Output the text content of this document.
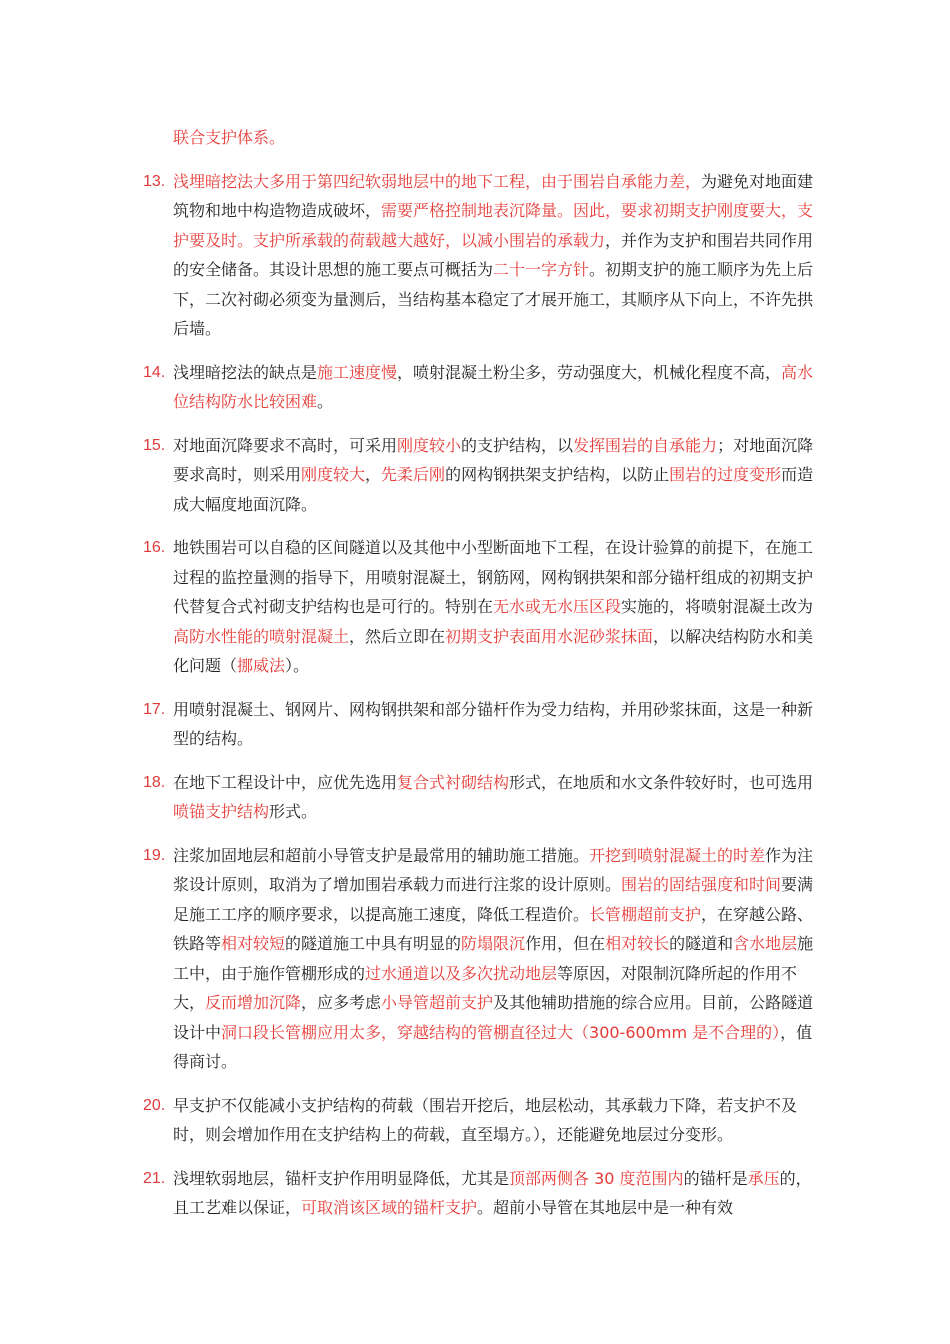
联合支护体系。
13. 浅埋暗挖法大多用于第四纪软弱地层中的地下工程，由于围岩自承能力差，为避免对地面建筑物和地中构造物造成破坏，需要严格控制地表沉降量。因此，要求初期支护刚度要大，支护要及时。支护所承载的荷载越大越好，以减小围岩的承载力，并作为支护和围岩共同作用的安全储备。其设计思想的施工要点可概括为二十一字方针。初期支护的施工顺序为先上后下，二次衬砌必须变为量测后，当结构基本稳定了才展开施工，其顺序从下向上，不许先拱后墙。
14. 浅埋暗挖法的缺点是施工速度慢，喷射混凝土粉尘多，劳动强度大，机械化程度不高，高水位结构防水比较困难。
15. 对地面沉降要求不高时，可采用刚度较小的支护结构，以发挥围岩的自承能力；对地面沉降要求高时，则采用刚度较大，先柔后刚的网构钢拱架支护结构，以防止围岩的过度变形而造成大幅度地面沉降。
16. 地铁围岩可以自稳的区间隧道以及其他中小型断面地下工程，在设计验算的前提下，在施工过程的监控量测的指导下，用喷射混凝土，钢筋网，网构钢拱架和部分锚杆组成的初期支护代替复合式衬砌支护结构也是可行的。特别在无水或无水压区段实施的，将喷射混凝土改为高防水性能的喷射混凝土，然后立即在初期支护表面用水泥砂浆抹面，以解决结构防水和美化问题（挪威法）。
17. 用喷射混凝土、钢网片、网构钢拱架和部分锚杆作为受力结构，并用砂浆抹面，这是一种新型的结构。
18. 在地下工程设计中，应优先选用复合式衬砌结构形式，在地质和水文条件较好时，也可选用喷锚支护结构形式。
19. 注浆加固地层和超前小导管支护是最常用的辅助施工措施。开挖到喷射混凝土的时差作为注浆设计原则，取消为了增加围岩承载力而进行注浆的设计原则。围岩的固结强度和时间要满足施工工序的顺序要求，以提高施工速度，降低工程造价。长管棚超前支护，在穿越公路、铁路等相对较短的隧道施工中具有明显的防塌限沉作用，但在相对较长的隧道和含水地层施工中，由于施作管棚形成的过水通道以及多次扰动地层等原因，对限制沉降所起的作用不大，反而增加沉降，应多考虑小导管超前支护及其他辅助措施的综合应用。目前，公路隧道设计中洞口段长管棚应用太多，穿越结构的管棚直径过大（300-600mm 是不合理的），值得商讨。
20. 早支护不仅能减小支护结构的荷载（围岩开挖后，地层松动，其承载力下降，若支护不及时，则会增加作用在支护结构上的荷载，直至塌方。），还能避免地层过分变形。
21. 浅埋软弱地层，锚杆支护作用明显降低，尤其是顶部两侧各 30 度范围内的锚杆是承压的，且工艺难以保证，可取消该区域的锚杆支护。超前小导管在其地层中是一种有效
